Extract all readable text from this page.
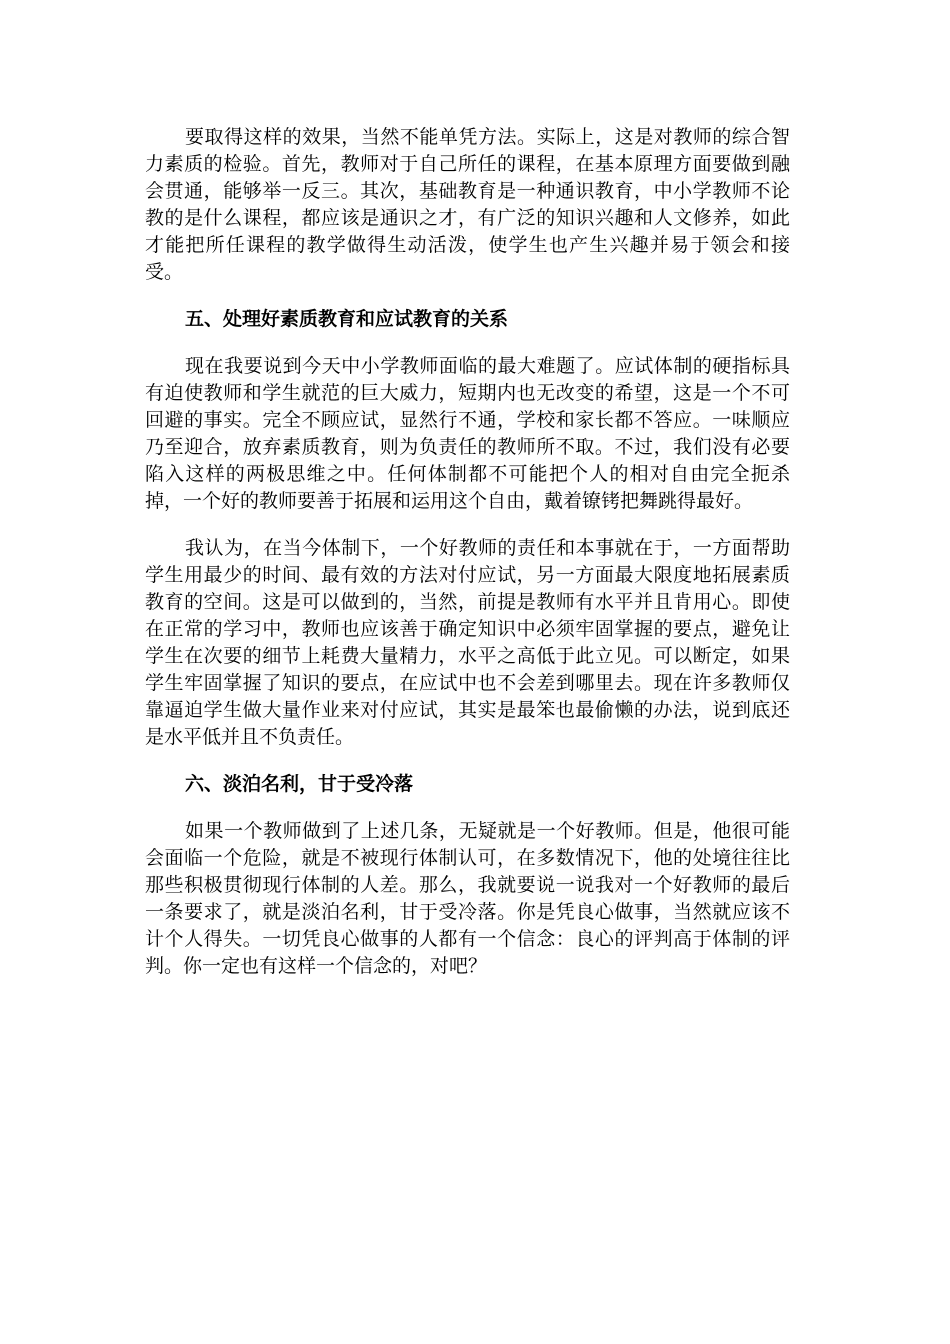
要取得这样的效果，当然不能单凭方法。实际上，这是对教师的综合智力素质的检验。首先，教师对于自己所任的课程，在基本原理方面要做到融会贯通，能够举一反三。其次，基础教育是一种通识教育，中小学教师不论教的是什么课程，都应该是通识之才，有广泛的知识兴趣和人文修养，如此才能把所任课程的教学做得生动活泼，使学生也产生兴趣并易于领会和接受。

五、处理好素质教育和应试教育的关系

现在我要说到今天中小学教师面临的最大难题了。应试体制的硬指标具有迫使教师和学生就范的巨大威力，短期内也无改变的希望，这是一个不可回避的事实。完全不顾应试，显然行不通，学校和家长都不答应。一味顺应乃至迎合，放弃素质教育，则为负责任的教师所不取。不过，我们没有必要陷入这样的两极思维之中。任何体制都不可能把个人的相对自由完全扼杀掉，一个好的教师要善于拓展和运用这个自由，戴着镣铐把舞跳得最好。

我认为，在当今体制下，一个好教师的责任和本事就在于，一方面帮助学生用最少的时间、最有效的方法对付应试，另一方面最大限度地拓展素质教育的空间。这是可以做到的，当然，前提是教师有水平并且肯用心。即使在正常的学习中，教师也应该善于确定知识中必须牢固掌握的要点，避免让学生在次要的细节上耗费大量精力，水平之高低于此立见。可以断定，如果学生牢固掌握了知识的要点，在应试中也不会差到哪里去。现在许多教师仅靠逼迫学生做大量作业来对付应试，其实是最笨也最偷懒的办法，说到底还是水平低并且不负责任。

六、淡泊名利，甘于受冷落

如果一个教师做到了上述几条，无疑就是一个好教师。但是，他很可能会面临一个危险，就是不被现行体制认可，在多数情况下，他的处境往往比那些积极贯彻现行体制的人差。那么，我就要说一说我对一个好教师的最后一条要求了，就是淡泊名利，甘于受冷落。你是凭良心做事，当然就应该不计个人得失。一切凭良心做事的人都有一个信念：良心的评判高于体制的评判。你一定也有这样一个信念的，对吧？
